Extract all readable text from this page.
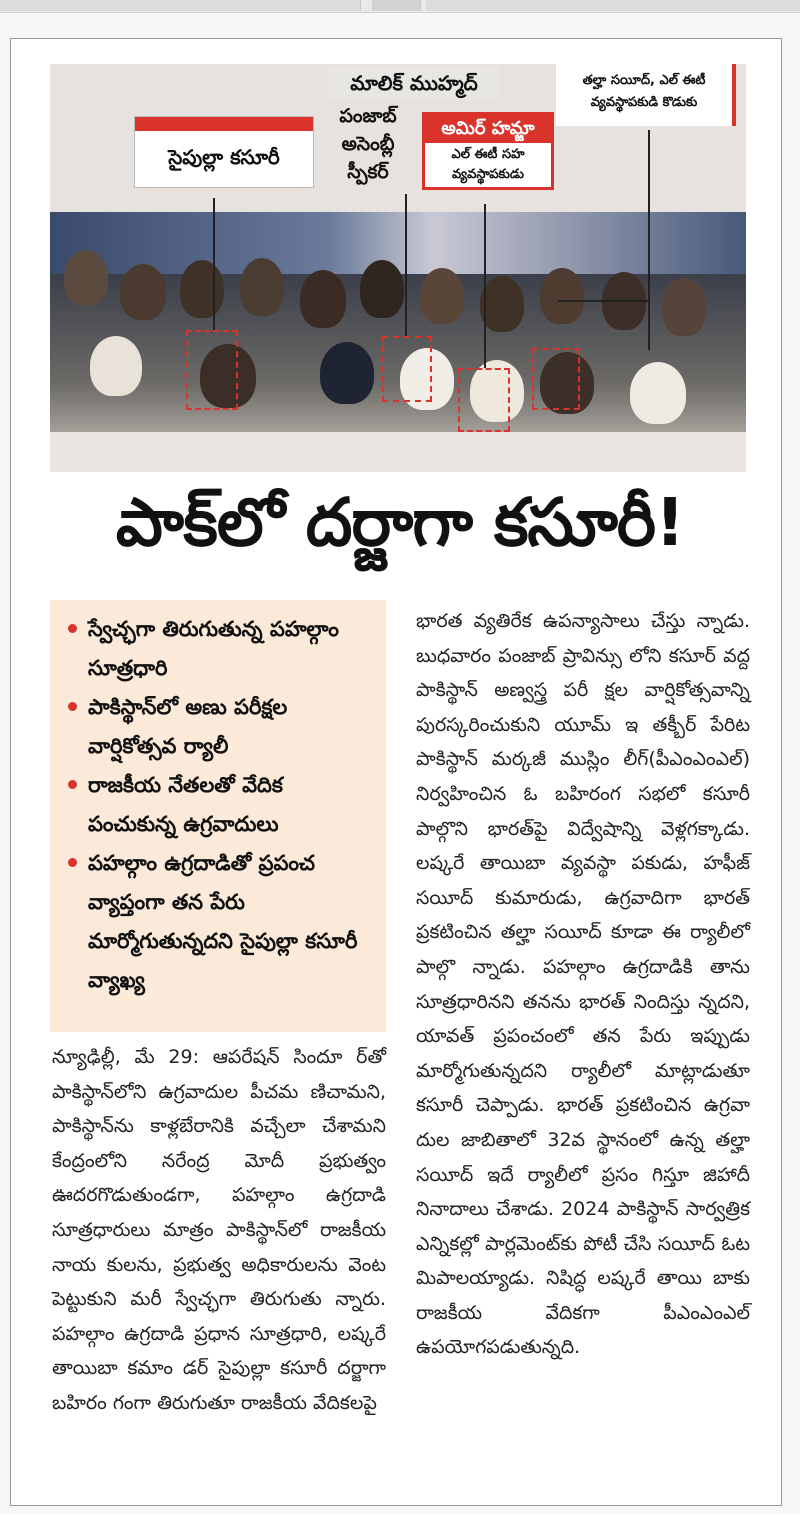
సైపుల్లా కసూరీ
మాలిక్ ముహ్మద్
పంజాబ్
అసెంబ్లీ
స్పీకర్
అమిర్ హమ్జా
ఎల్ ఈటీ సహ
వ్యవస్థాపకుడు
తల్హా సయీద్, ఎల్ ఈటీ
వ్యవస్థాపకుడి కొడుకు
పాక్‌లో దర్జాగా కసూరీ!
స్వేచ్ఛగా తిరుగుతున్న పహల్గాం సూత్రధారి
పాకిస్థాన్‌లో అణు పరీక్షల వార్షికోత్సవ ర్యాలీ
రాజకీయ నేతలతో వేదిక పంచుకున్న ఉగ్రవాదులు
పహల్గాం ఉగ్రదాడితో ప్రపంచ వ్యాప్తంగా తన పేరు మార్మోగుతున్నదని సైపుల్లా కసూరీ వ్యాఖ్య

న్యూఢిల్లీ, మే 29: ఆపరేషన్ సిందూ ర్‌తో పాకిస్థాన్‌లోని ఉగ్రవాదుల పీచమ ణిచామని, పాకిస్థాన్‌ను కాళ్లబేరానికి వచ్చేలా చేశామని కేంద్రంలోని నరేంద్ర మోదీ ప్రభుత్వం ఊదరగొడుతుండగా, పహల్గాం ఉగ్రదాడి సూత్రధారులు మాత్రం పాకిస్థాన్‌లో రాజకీయ నాయ కులను, ప్రభుత్వ అధికారులను వెంట పెట్టుకుని మరీ స్వేచ్ఛగా తిరుగుతు న్నారు. పహల్గాం ఉగ్రదాడి ప్రధాన సూత్రధారి, లష్కరే తాయిబా కమాం డర్ సైపుల్లా కసూరీ దర్జాగా బహిరం గంగా తిరుగుతూ రాజకీయ వేదికలపై

భారత వ్యతిరేక ఉపన్యాసాలు చేస్తు న్నాడు. బుధవారం పంజాబ్ ప్రావిన్సు లోని కసూర్ వద్ద పాకిస్థాన్ అణ్వస్త్ర పరీ క్షల వార్షికోత్సవాన్ని పురస్కరించుకుని యూమ్ ఇ తక్బీర్ పేరిట పాకిస్థాన్ మర్కజీ ముస్లిం లీగ్(పీఎంఎంఎల్) నిర్వహించిన ఓ బహిరంగ సభలో కసూరీ పాల్గొని భారత్‌పై విద్వేషాన్ని వెళ్లగక్కాడు. లష్కరే తాయిబా వ్యవస్థా పకుడు, హఫీజ్ సయీద్ కుమారుడు, ఉగ్రవాదిగా భారత్ ప్రకటించిన తల్హా సయీద్ కూడా ఈ ర్యాలీలో పాల్గొ న్నాడు. పహల్గాం ఉగ్రదాడికి తాను సూత్రధారినని తనను భారత్ నిందిస్తు న్నదని, యావత్ ప్రపంచంలో తన పేరు ఇప్పుడు మార్మోగుతున్నదని ర్యాలీలో మాట్లాడుతూ కసూరీ చెప్పాడు. భారత్ ప్రకటించిన ఉగ్రవా దుల జాబితాలో 32వ స్థానంలో ఉన్న తల్హా సయీద్ ఇదే ర్యాలీలో ప్రసం గిస్తూ జిహాదీ నినాదాలు చేశాడు. 2024 పాకిస్థాన్ సార్వత్రిక ఎన్నికల్లో పార్లమెంట్‌కు పోటీ చేసి సయీద్ ఓట మిపాలయ్యాడు. నిషిద్ధ లష్కరే తాయి బాకు రాజకీయ వేదికగా పీఎంఎంఎల్ ఉపయోగపడుతున్నది.
